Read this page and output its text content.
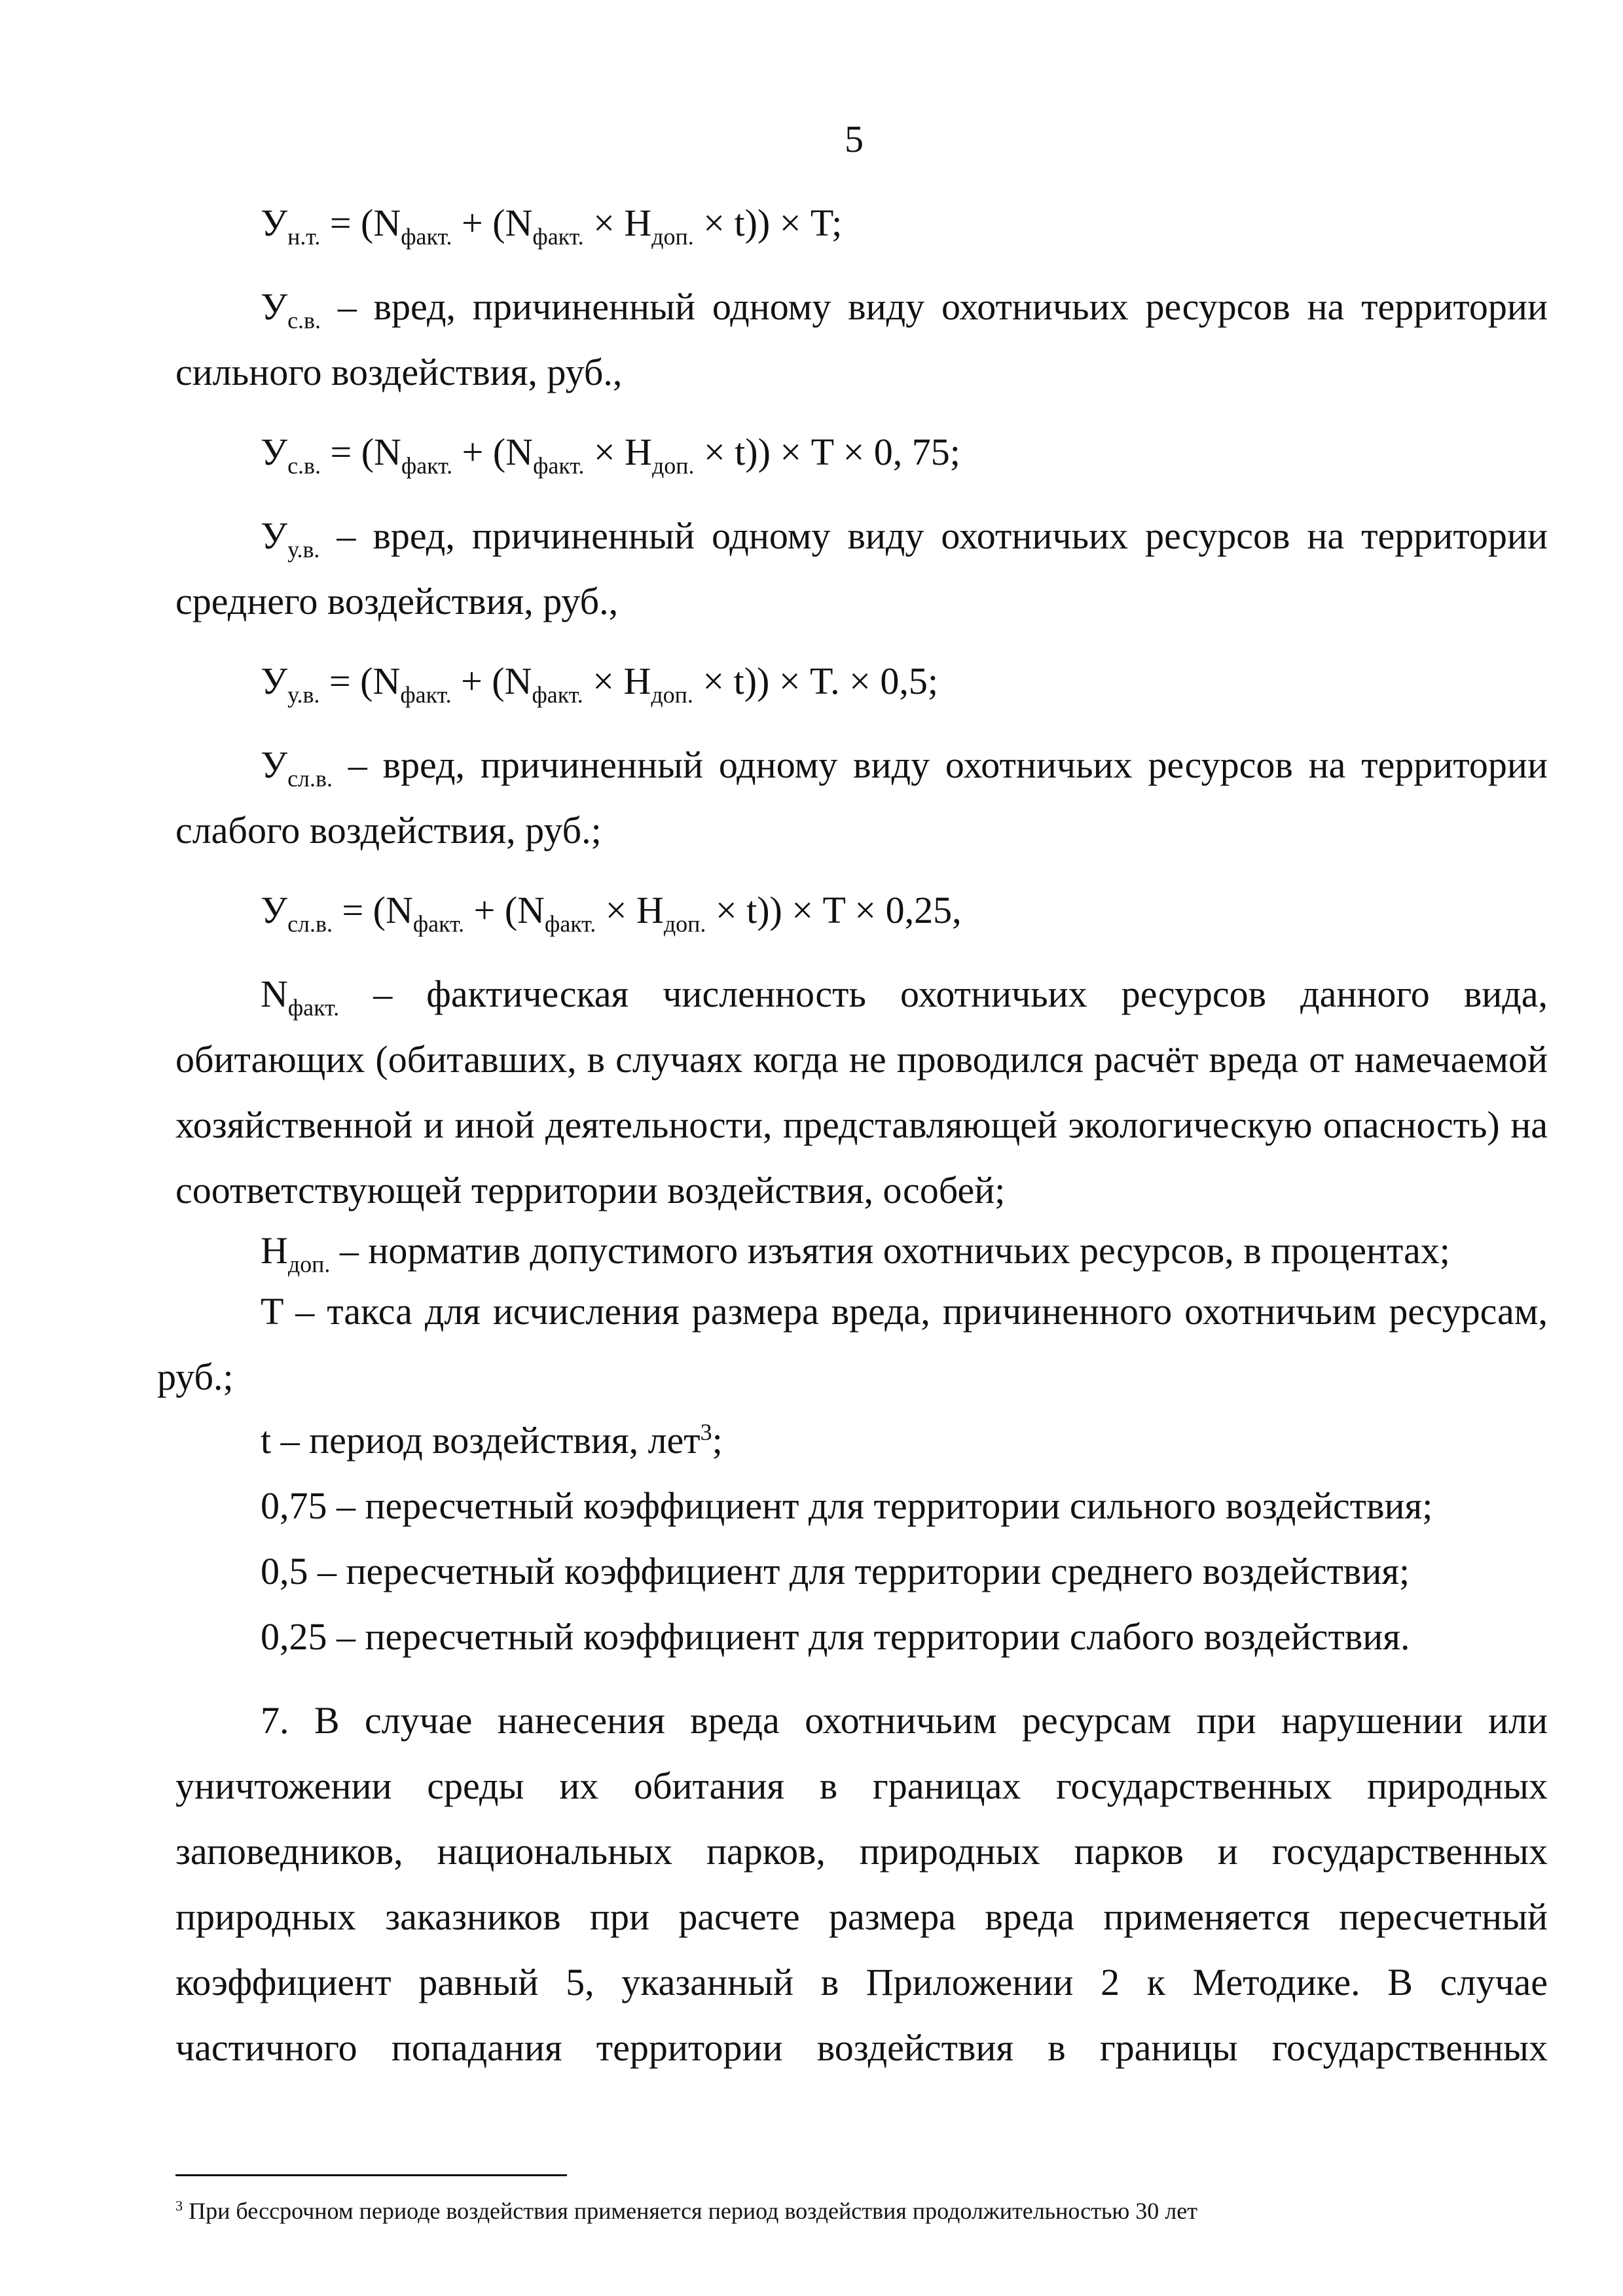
5
$У_{н.т.} = (N_{факт.} + (N_{факт.} \times Н_{доп.} \times t)) \times T$;
$У_{с.в.}$ – вред, причиненный одному виду охотничьих ресурсов на территории
сильного воздействия, руб.,
$У_{с.в.} = (N_{факт.} + (N_{факт.} \times Н_{доп.} \times t)) \times T \times 0$, 75;
$У_{у.в.}$ – вред, причиненный одному виду охотничьих ресурсов на территории
среднего воздействия, руб.,
$У_{у.в.} = (N_{факт.} + (N_{факт.} \times Н_{доп.} \times t)) \times T$. × 0,5;
$У_{сл.в.}$ – вред, причиненный одному виду охотничьих ресурсов на территории
слабого воздействия, руб.;
$У_{сл.в.} = (N_{факт.} + (N_{факт.} \times Н_{доп.} \times t)) \times T \times 0,25$,
$N_{факт.}$ – фактическая численность охотничьих ресурсов данного вида,
обитающих (обитавших, в случаях когда не проводился расчёт вреда от намечаемой
хозяйственной и иной деятельности, представляющей экологическую опасность) на
соответствующей территории воздействия, особей;
$Н_{доп.}$ – норматив допустимого изъятия охотничьих ресурсов, в процентах;
T – такса для исчисления размера вреда, причиненного охотничьим ресурсам,
руб.;
t – период воздействия, лет$^3$;
0,75 – пересчетный коэффициент для территории сильного воздействия;
0,5 – пересчетный коэффициент для территории среднего воздействия;
0,25 – пересчетный коэффициент для территории слабого воздействия.
7. В случае нанесения вреда охотничьим ресурсам при нарушении или
уничтожении среды их обитания в границах государственных природных
заповедников, национальных парков, природных парков и государственных
природных заказников при расчете размера вреда применяется пересчетный
коэффициент равный 5, указанный в Приложении 2 к Методике. В случае
частичного попадания территории воздействия в границы государственных
$^3$ При бессрочном периоде воздействия применяется период воздействия продолжительностью 30 лет
